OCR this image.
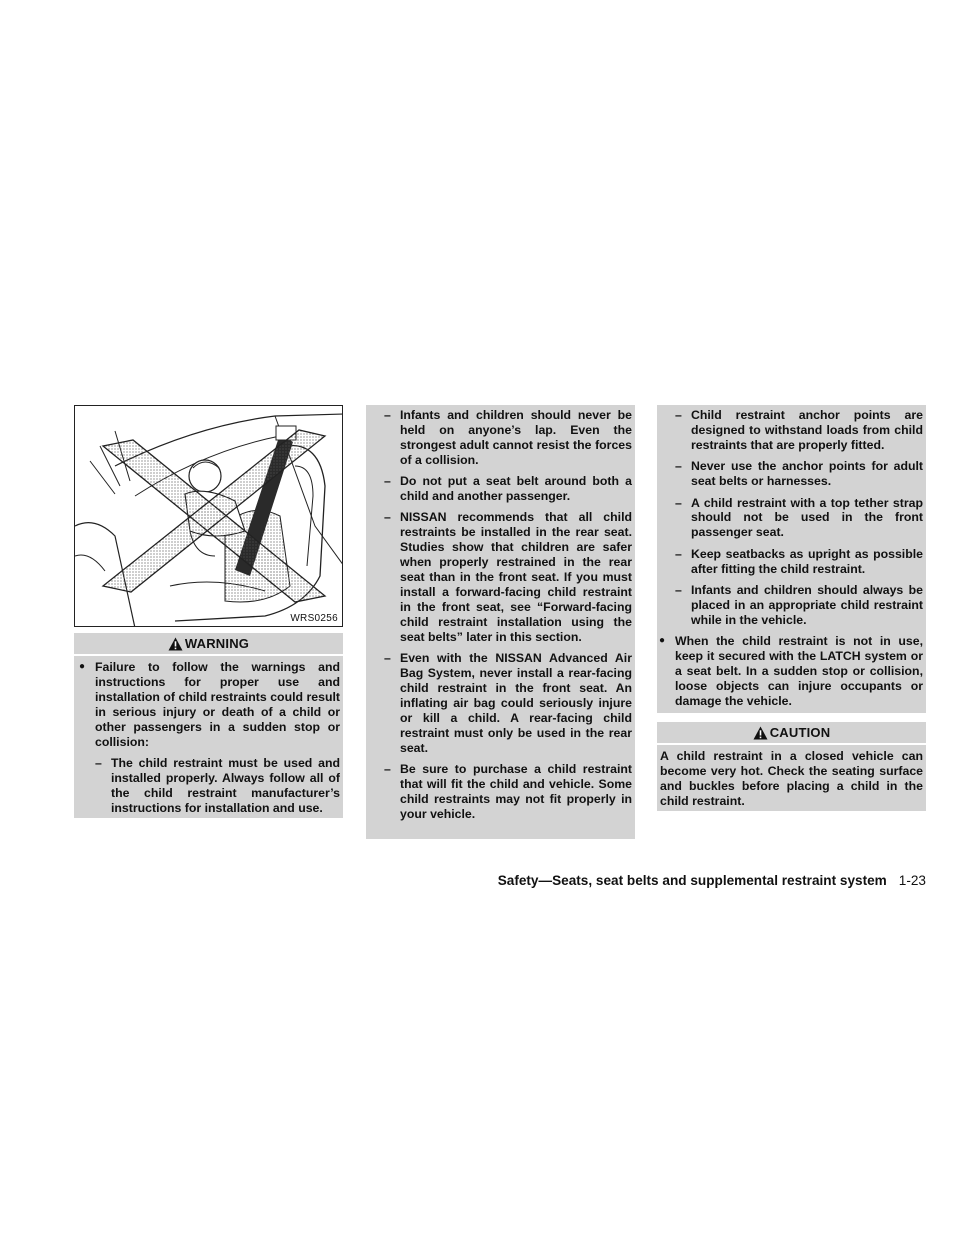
WRS0256
WARNING
● Failure to follow the warnings and instructions for proper use and installation of child restraints could result in serious injury or death of a child or other passengers in a sudden stop or collision:
– The child restraint must be used and installed properly. Always follow all of the child restraint manufacturer’s instructions for installation and use.
– Infants and children should never be held on anyone’s lap. Even the strongest adult cannot resist the forces of a collision.
– Do not put a seat belt around both a child and another passenger.
– NISSAN recommends that all child restraints be installed in the rear seat. Studies show that children are safer when properly restrained in the rear seat than in the front seat. If you must install a forward-facing child restraint in the front seat, see “Forward-facing child restraint installation using the seat belts” later in this section.
– Even with the NISSAN Advanced Air Bag System, never install a rear-facing child restraint in the front seat. An inflating air bag could seriously injure or kill a child. A rear-facing child restraint must only be used in the rear seat.
– Be sure to purchase a child restraint that will fit the child and vehicle. Some child restraints may not fit properly in your vehicle.
– Child restraint anchor points are designed to withstand loads from child restraints that are properly fitted.
– Never use the anchor points for adult seat belts or harnesses.
– A child restraint with a top tether strap should not be used in the front passenger seat.
– Keep seatbacks as upright as possible after fitting the child restraint.
– Infants and children should always be placed in an appropriate child restraint while in the vehicle.
● When the child restraint is not in use, keep it secured with the LATCH system or a seat belt. In a sudden stop or collision, loose objects can injure occupants or damage the vehicle.
CAUTION
A child restraint in a closed vehicle can become very hot. Check the seating surface and buckles before placing a child in the child restraint.
Safety—Seats, seat belts and supplemental restraint system 1-23
